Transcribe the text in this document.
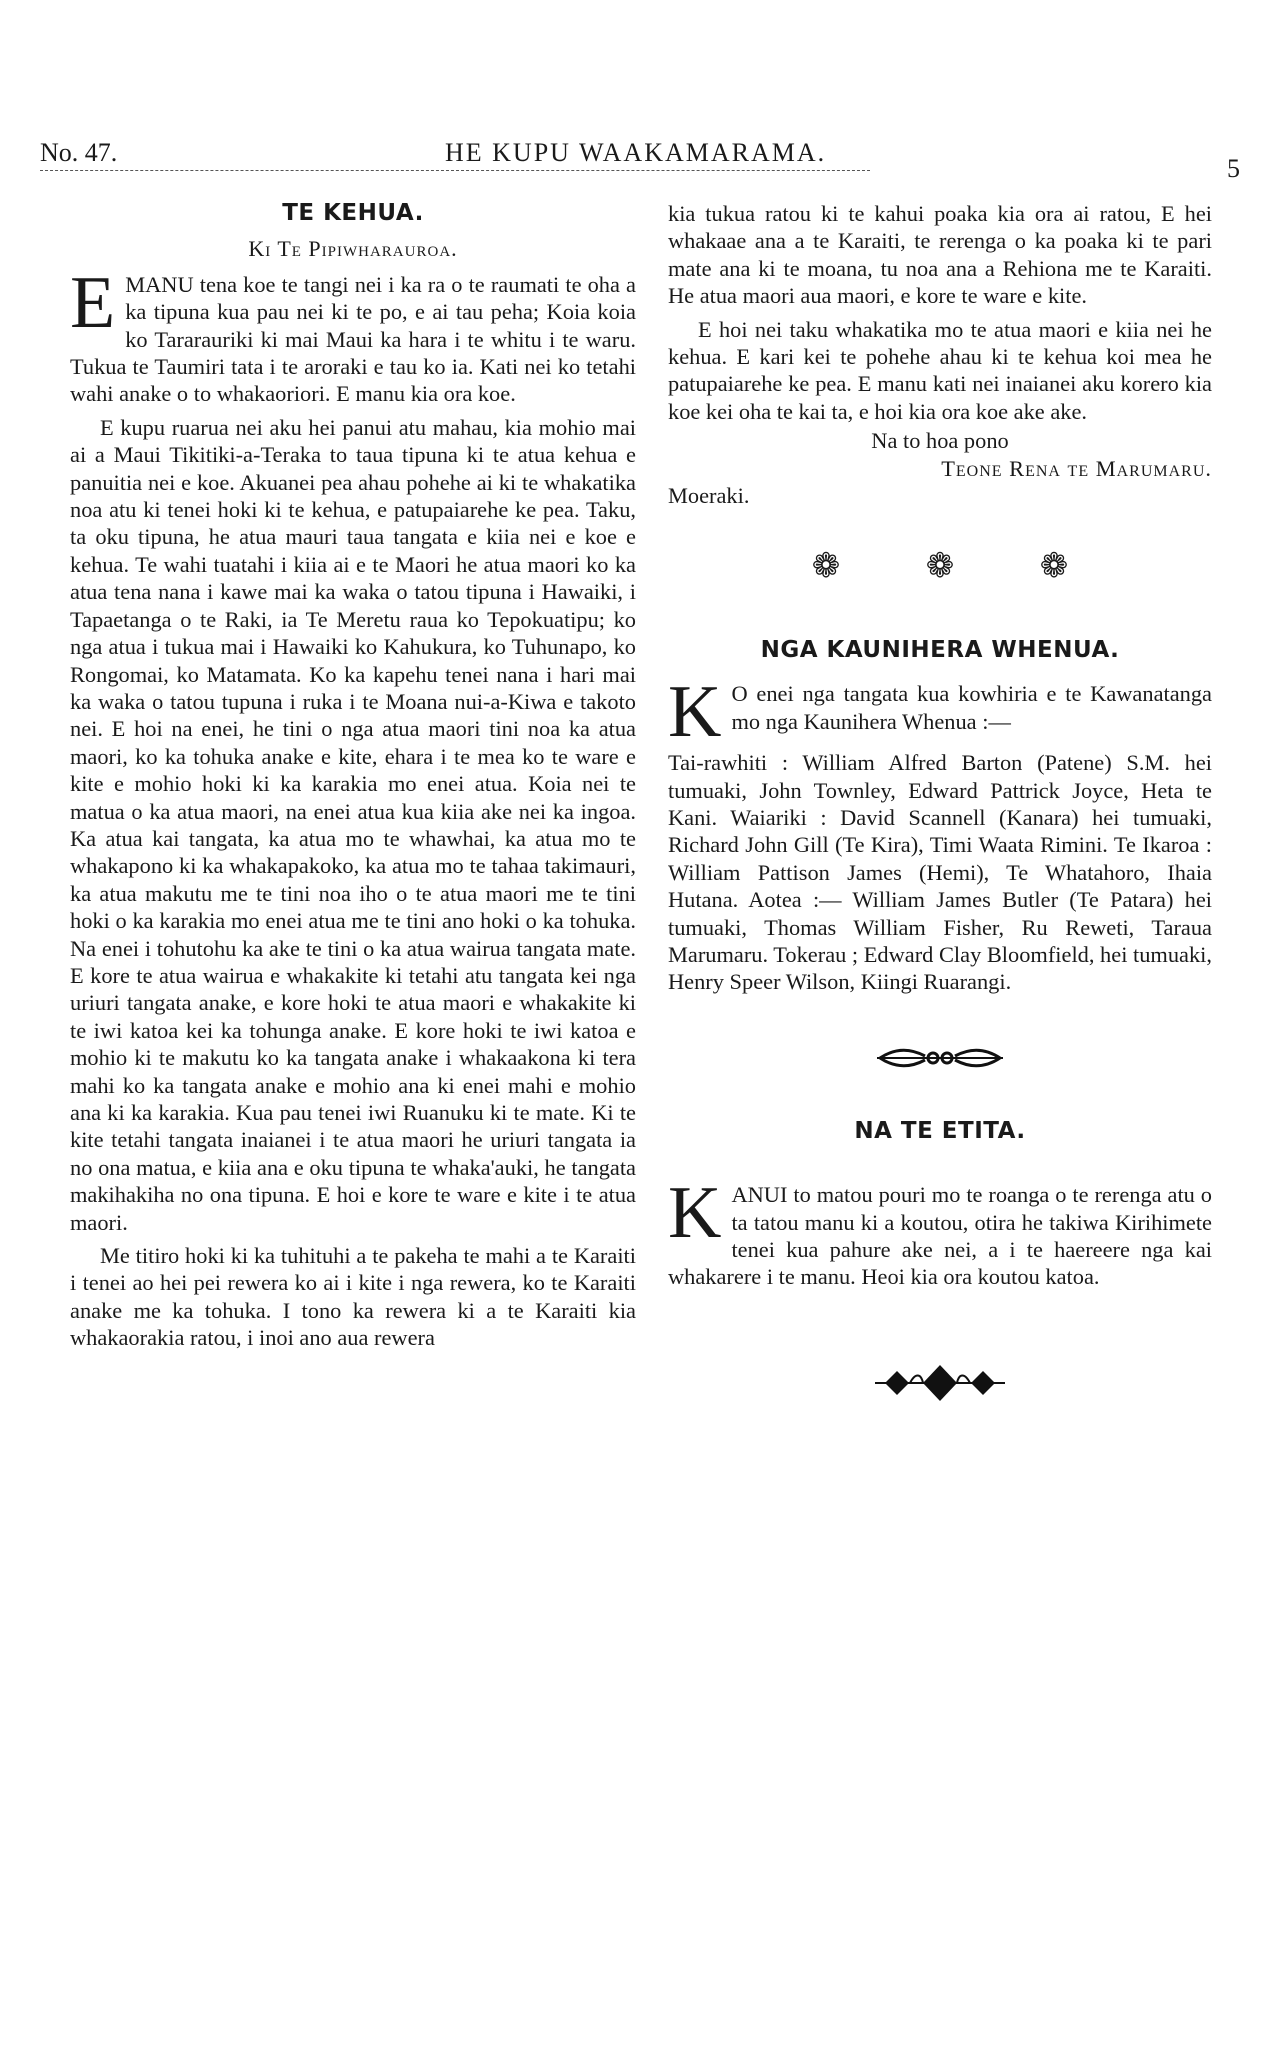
No. 47.	HE KUPU WAAKAMARAMA.
5
TE KEHUA.
Ki Te Pipiwharauroa.

EMANU tena koe te tangi nei i ka ra o te raumati te oha a ka tipuna kua pau nei ki te po, e ai tau peha; Koia koia ko Tararauriki ki mai Maui ka hara i te whitu i te waru. Tukua te Taumiri tata i te aroraki e tau ko ia. Kati nei ko tetahi wahi anake o to whakaoriori. E manu kia ora koe.

E kupu ruarua nei aku hei panui atu mahau, kia mohio mai ai a Maui Tikitiki-a-Teraka to taua tipuna ki te atua kehua e panuitia nei e koe. Akuanei pea ahau pohehe ai ki te whakatika noa atu ki tenei hoki ki te kehua, e patupaiarehe ke pea. Taku, ta oku tipuna, he atua mauri taua tangata e kiia nei e koe e kehua. Te wahi tuatahi i kiia ai e te Maori he atua maori ko ka atua tena nana i kawe mai ka waka o tatou tipuna i Hawaiki, i Tapaetanga o te Raki, ia Te Meretu raua ko Tepokuatipu; ko nga atua i tukua mai i Hawaiki ko Kahukura, ko Tuhunapo, ko Rongomai, ko Matamata. Ko ka kapehu tenei nana i hari mai ka waka o tatou tupuna i ruka i te Moana nui-a-Kiwa e takoto nei. E hoi na enei, he tini o nga atua maori tini noa ka atua maori, ko ka tohuka anake e kite, ehara i te mea ko te ware e kite e mohio hoki ki ka karakia mo enei atua. Koia nei te matua o ka atua maori, na enei atua kua kiia ake nei ka ingoa. Ka atua kai tangata, ka atua mo te whawhai, ka atua mo te whakapono ki ka whakapakoko, ka atua mo te tahaa takimauri, ka atua makutu me te tini noa iho o te atua maori me te tini hoki o ka karakia mo enei atua me te tini ano hoki o ka tohuka. Na enei i tohutohu ka ake te tini o ka atua wairua tangata mate. E kore te atua wairua e whakakite ki tetahi atu tangata kei nga uriuri tangata anake, e kore hoki te atua maori e whakakite ki te iwi katoa kei ka tohunga anake. E kore hoki te iwi katoa e mohio ki te makutu ko ka tangata anake i whakaakona ki tera mahi ko ka tangata anake e mohio ana ki enei mahi e mohio ana ki ka karakia. Kua pau tenei iwi Ruanuku ki te mate. Ki te kite tetahi tangata inaianei i te atua maori he uriuri tangata ia no ona matua, e kiia ana e oku tipuna te whaka'auki, he tangata makihakiha no ona tipuna. E hoi e kore te ware e kite i te atua maori.

Me titiro hoki ki ka tuhituhi a te pakeha te mahi a te Karaiti i tenei ao hei pei rewera ko ai i kite i nga rewera, ko te Karaiti anake me ka tohuka. I tono ka rewera ki a te Karaiti kia whakaorakia ratou, i inoi ano aua rewera

kia tukua ratou ki te kahui poaka kia ora ai ratou, E hei whakaae ana a te Karaiti, te rerenga o ka poaka ki te pari mate ana ki te moana, tu noa ana a Rehiona me te Karaiti. He atua maori aua maori, e kore te ware e kite.

E hoi nei taku whakatika mo te atua maori e kiia nei he kehua. E kari kei te pohehe ahau ki te kehua koi mea he patupaiarehe ke pea. E manu kati nei inaianei aku korero kia koe kei oha te kai ta, e hoi kia ora koe ake ake.

Na to hoa pono
Teone Rena te Marumaru.
Moeraki.
❁	❁	❁
NGA KAUNIHERA WHENUA.

K O enei nga tangata kua kowhiria e te Kawanatanga mo nga Kaunihera Whenua :—

Tai-rawhiti : William Alfred Barton (Patene) S.M. hei tumuaki, John Townley, Edward Pattrick Joyce, Heta te Kani. Waiariki : David Scannell (Kanara) hei tumuaki, Richard John Gill (Te Kira), Timi Waata Rimini. Te Ikaroa : William Pattison James (Hemi), Te Whatahoro, Ihaia Hutana. Aotea :— William James Butler (Te Patara) hei tumuaki, Thomas William Fisher, Ru Reweti, Taraua Marumaru. Tokerau ; Edward Clay Bloomfield, hei tumuaki, Henry Speer Wilson, Kiingi Ruarangi.

NA TE ETITA.

KANUI to matou pouri mo te roanga o te rerenga atu o ta tatou manu ki a koutou, otira he takiwa Kirihimete tenei kua pahure ake nei, a i te haereere nga kai whakarere i te manu. Heoi kia ora koutou katoa.
